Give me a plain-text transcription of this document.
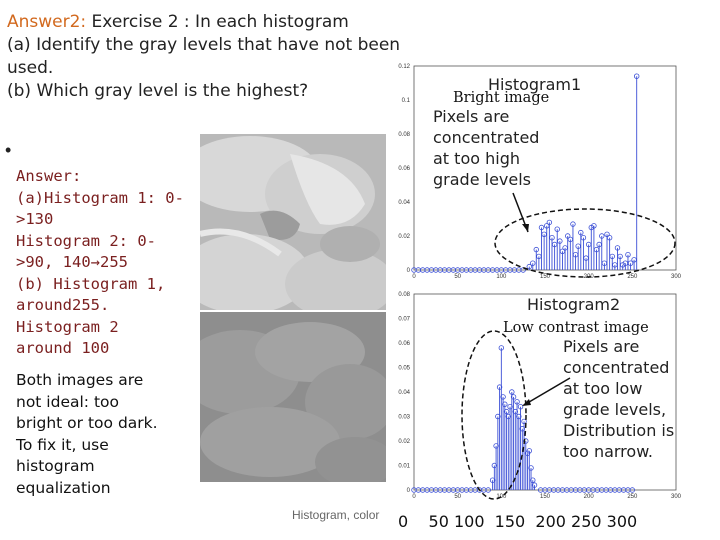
Answer2: Exercise 2 : In each histogram
(a) Identify the gray levels that have not been
used.
(b) Which gray level is the highest?
•
Answer:
(a)Histogram 1: 0-
>130
Histogram 2: 0-
>90, 140→255
(b) Histogram 1,
around255.
Histogram 2
around 100
Both images are
not ideal: too
bright or too dark.
To fix it, use
histogram
equalization
0	50	100	150	200	250	300
0
0.02
0.04
0.06
0.08
0.1
0.12
Histogram1
Bright image
Pixels are
concentrated
at too high
grade levels
0	50	100	150	200	250	300
0
0.01
0.02
0.03
0.04
0.05
0.06
0.07
0.08	Histogram2
Low contrast image
Pixels are
concentrated
at too low
grade levels,
Distribution is
too narrow.
Histogram, color 0    50 100  150  200 250 300
